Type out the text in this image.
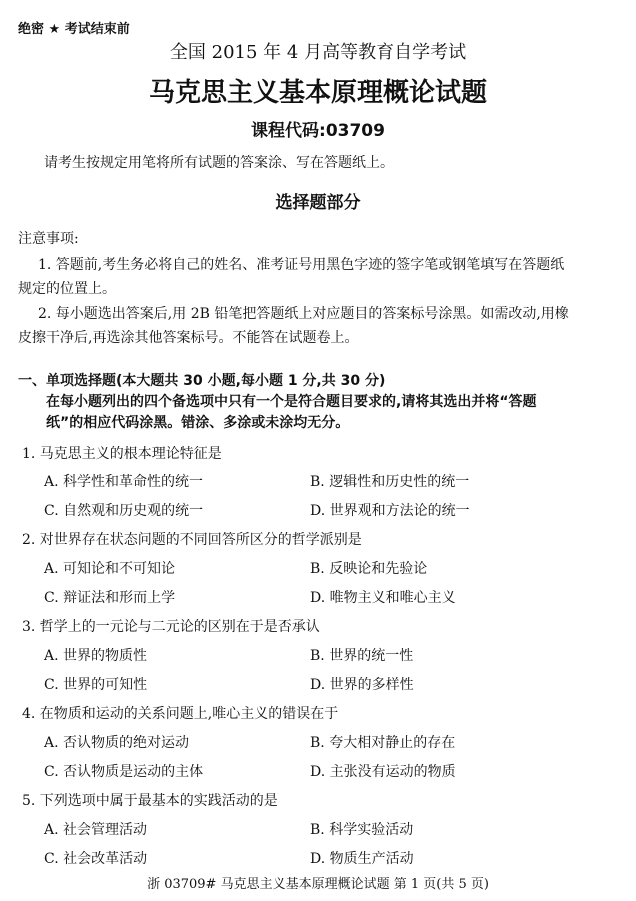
绝密 ★ 考试结束前
全国 2015 年 4 月高等教育自学考试
马克思主义基本原理概论试题
课程代码:03709
请考生按规定用笔将所有试题的答案涂、写在答题纸上。
选择题部分
注意事项:
1. 答题前,考生务必将自己的姓名、准考证号用黑色字迹的签字笔或钢笔填写在答题纸
规定的位置上。
2. 每小题选出答案后,用 2B 铅笔把答题纸上对应题目的答案标号涂黑。如需改动,用橡
皮擦干净后,再选涂其他答案标号。不能答在试题卷上。
一、单项选择题(本大题共 30 小题,每小题 1 分,共 30 分)
在每小题列出的四个备选项中只有一个是符合题目要求的,请将其选出并将“答题
纸”的相应代码涂黑。错涂、多涂或未涂均无分。
1. 马克思主义的根本理论特征是
A. 科学性和革命性的统一	B. 逻辑性和历史性的统一
C. 自然观和历史观的统一	D. 世界观和方法论的统一
2. 对世界存在状态问题的不同回答所区分的哲学派别是
A. 可知论和不可知论	B. 反映论和先验论
C. 辩证法和形而上学	D. 唯物主义和唯心主义
3. 哲学上的一元论与二元论的区别在于是否承认
A. 世界的物质性	B. 世界的统一性
C. 世界的可知性	D. 世界的多样性
4. 在物质和运动的关系问题上,唯心主义的错误在于
A. 否认物质的绝对运动	B. 夸大相对静止的存在
C. 否认物质是运动的主体	D. 主张没有运动的物质
5. 下列选项中属于最基本的实践活动的是
A. 社会管理活动	B. 科学实验活动
C. 社会改革活动	D. 物质生产活动
浙 03709# 马克思主义基本原理概论试题 第 1 页(共 5 页)
